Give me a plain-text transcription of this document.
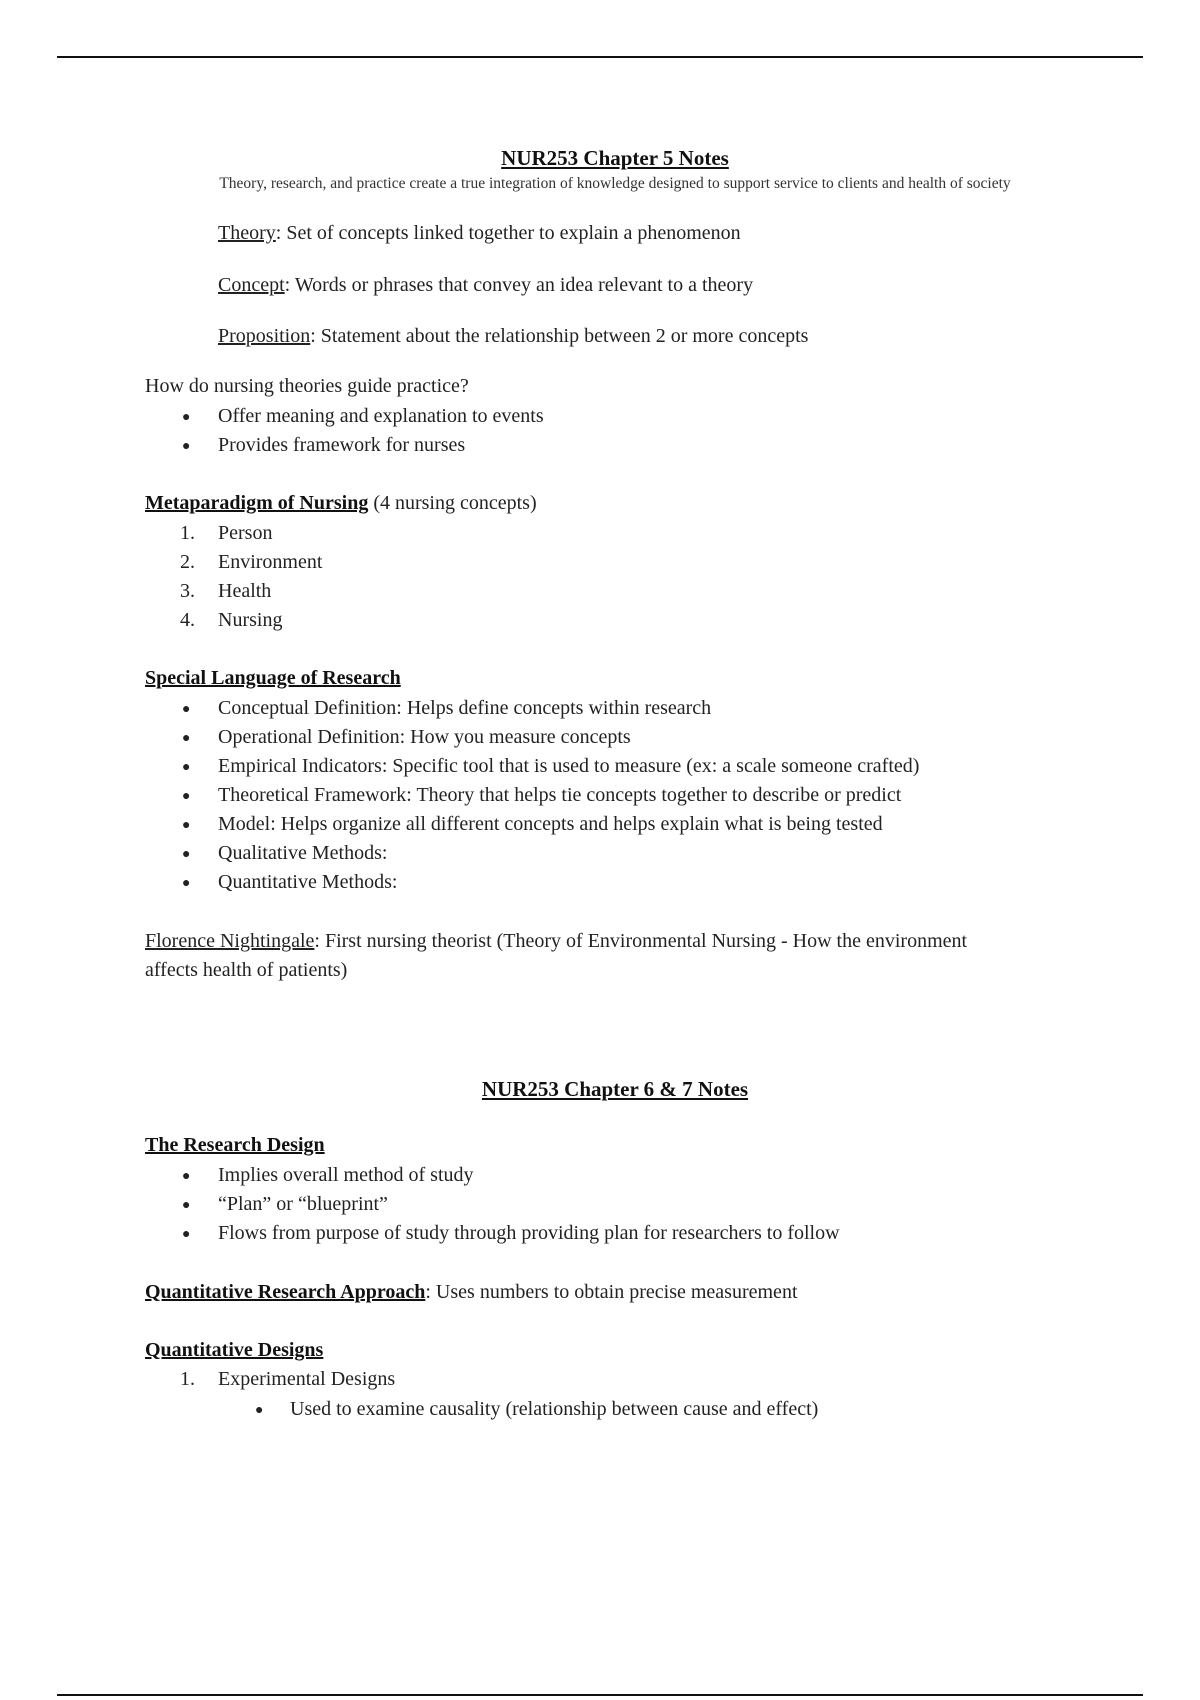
NUR253 Chapter 5 Notes

Theory, research, and practice create a true integration of knowledge designed to support service to clients and health of society

Theory: Set of concepts linked together to explain a phenomenon

Concept: Words or phrases that convey an idea relevant to a theory

Proposition: Statement about the relationship between 2 or more concepts

How do nursing theories guide practice?

● Offer meaning and explanation to events
● Provides framework for nurses

Metaparadigm of Nursing (4 nursing concepts)

1. Person
2. Environment
3. Health
4. Nursing

Special Language of Research

● Conceptual Definition: Helps define concepts within research
● Operational Definition: How you measure concepts
● Empirical Indicators: Specific tool that is used to measure (ex: a scale someone crafted)
● Theoretical Framework: Theory that helps tie concepts together to describe or predict
● Model: Helps organize all different concepts and helps explain what is being tested
● Qualitative Methods:
● Quantitative Methods:

Florence Nightingale: First nursing theorist (Theory of Environmental Nursing - How the environment

affects health of patients)

NUR253 Chapter 6 & 7 Notes

The Research Design

● Implies overall method of study
● “Plan” or “blueprint”
● Flows from purpose of study through providing plan for researchers to follow

Quantitative Research Approach: Uses numbers to obtain precise measurement

Quantitative Designs

1. Experimental Designs
● Used to examine causality (relationship between cause and effect)
